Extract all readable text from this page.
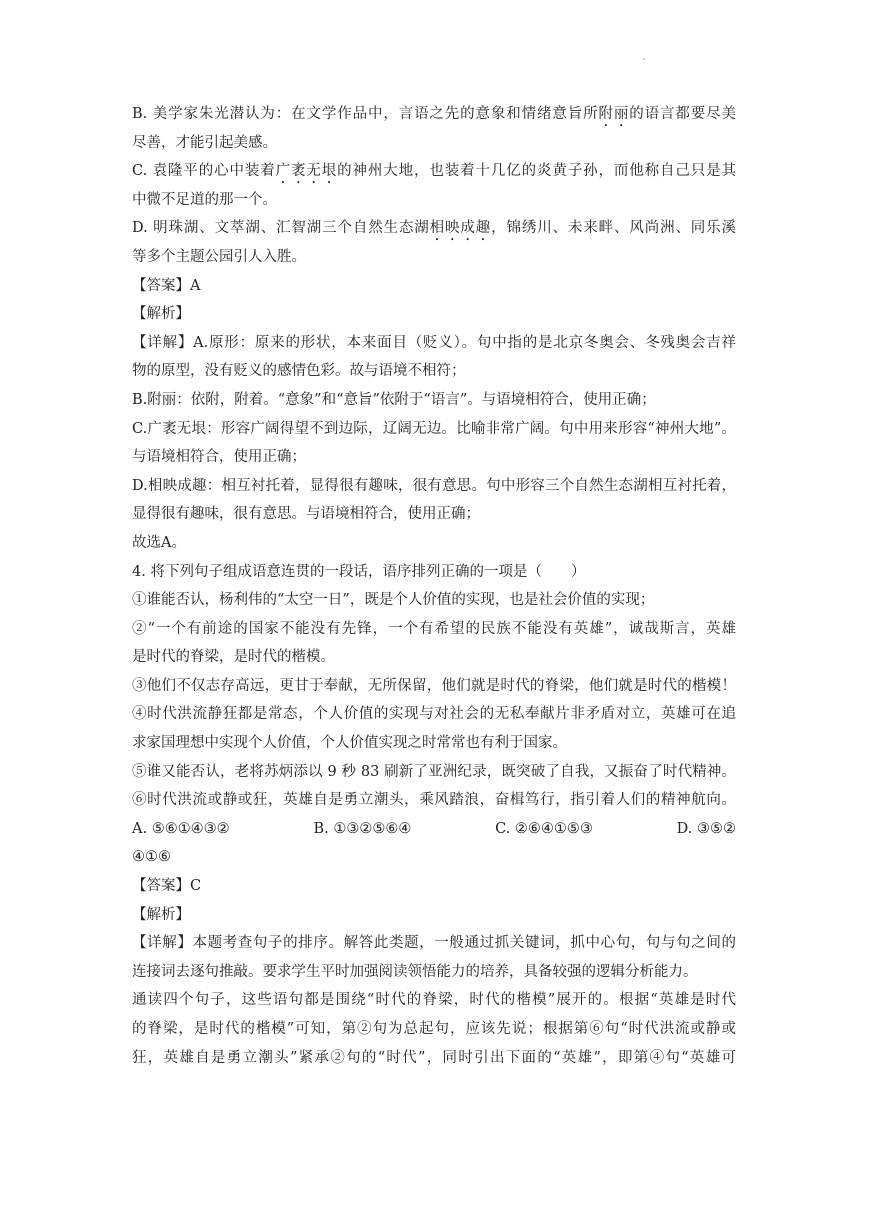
B. 美学家朱光潜认为：在文学作品中，言语之先的意象和情绪意旨所附丽的语言都要尽美
尽善，才能引起美感。
C. 袁隆平的心中装着广袤无垠的神州大地，也装着十几亿的炎黄子孙，而他称自己只是其
中微不足道的那一个。
D. 明珠湖、文萃湖、汇智湖三个自然生态湖相映成趣，锦绣川、未来畔、风尚洲、同乐溪
等多个主题公园引人入胜。
【答案】A
【解析】
【详解】A.原形：原来的形状，本来面目（贬义）。句中指的是北京冬奥会、冬残奥会吉祥
物的原型，没有贬义的感情色彩。故与语境不相符；
B.附丽：依附，附着。“意象”和“意旨”依附于“语言”。与语境相符合，使用正确；
C.广袤无垠：形容广阔得望不到边际，辽阔无边。比喻非常广阔。句中用来形容“神州大地”。
与语境相符合，使用正确；
D.相映成趣：相互衬托着，显得很有趣味，很有意思。句中形容三个自然生态湖相互衬托着，
显得很有趣味，很有意思。与语境相符合，使用正确；
故选A。
4. 将下列句子组成语意连贯的一段话，语序排列正确的一项是（　　）
①谁能否认，杨利伟的“太空一日”，既是个人价值的实现，也是社会价值的实现；
②“一个有前途的国家不能没有先锋，一个有希望的民族不能没有英雄”，诚哉斯言，英雄
是时代的脊梁，是时代的楷模。
③他们不仅志存高远，更甘于奉献，无所保留，他们就是时代的脊梁，他们就是时代的楷模！
④时代洪流静狂都是常态，个人价值的实现与对社会的无私奉献片非矛盾对立，英雄可在追
求家国理想中实现个人价值，个人价值实现之时常常也有利于国家。
⑤谁又能否认，老将苏炳添以 9 秒 83 刷新了亚洲纪录，既突破了自我，又振奋了时代精神。
⑥时代洪流或静或狂，英雄自是勇立潮头，乘风踏浪，奋楫笃行，指引着人们的精神航向。
A. ⑤⑥①④③②	B. ①③②⑤⑥④	C. ②⑥④①⑤③	D. ③⑤②
④①⑥
【答案】C
【解析】
【详解】本题考查句子的排序。解答此类题，一般通过抓关键词，抓中心句，句与句之间的
连接词去逐句推敲。要求学生平时加强阅读领悟能力的培养，具备较强的逻辑分析能力。
通读四个句子，这些语句都是围绕“时代的脊梁，时代的楷模”展开的。根据“英雄是时代
的脊梁，是时代的楷模”可知，第②句为总起句，应该先说；根据第⑥句“时代洪流或静或
狂，英雄自是勇立潮头”紧承②句的“时代”，同时引出下面的“英雄”，即第④句“英雄可
